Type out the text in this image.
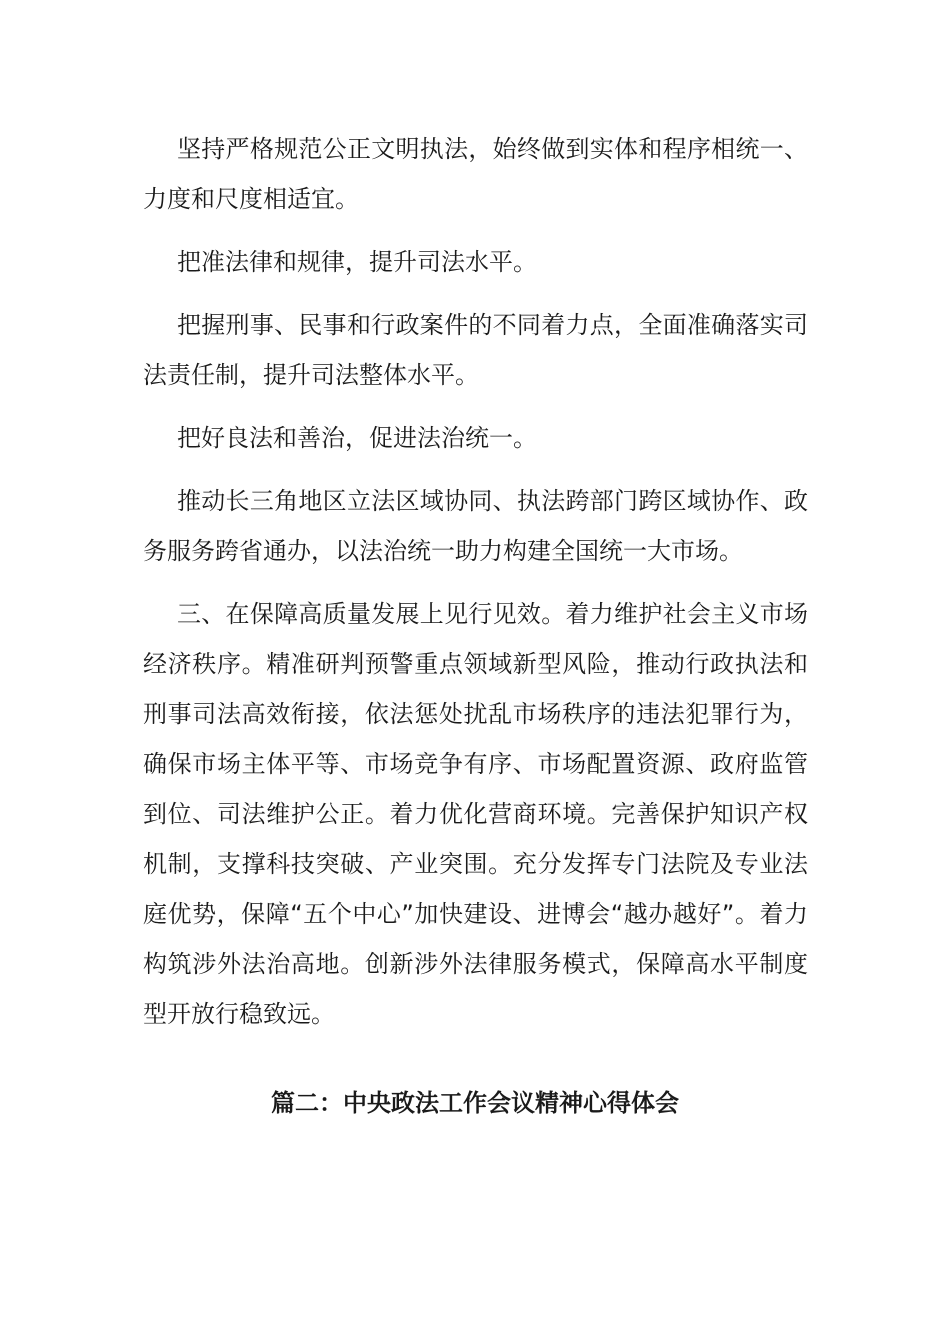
坚持严格规范公正文明执法，始终做到实体和程序相统一、力度和尺度相适宜。

把准法律和规律，提升司法水平。

把握刑事、民事和行政案件的不同着力点，全面准确落实司法责任制，提升司法整体水平。

把好良法和善治，促进法治统一。

推动长三角地区立法区域协同、执法跨部门跨区域协作、政务服务跨省通办，以法治统一助力构建全国统一大市场。

三、在保障高质量发展上见行见效。着力维护社会主义市场经济秩序。精准研判预警重点领域新型风险，推动行政执法和刑事司法高效衔接，依法惩处扰乱市场秩序的违法犯罪行为，确保市场主体平等、市场竞争有序、市场配置资源、政府监管到位、司法维护公正。着力优化营商环境。完善保护知识产权机制，支撑科技突破、产业突围。充分发挥专门法院及专业法庭优势，保障“五个中心”加快建设、进博会“越办越好”。着力构筑涉外法治高地。创新涉外法律服务模式，保障高水平制度型开放行稳致远。

篇二：中央政法工作会议精神心得体会
